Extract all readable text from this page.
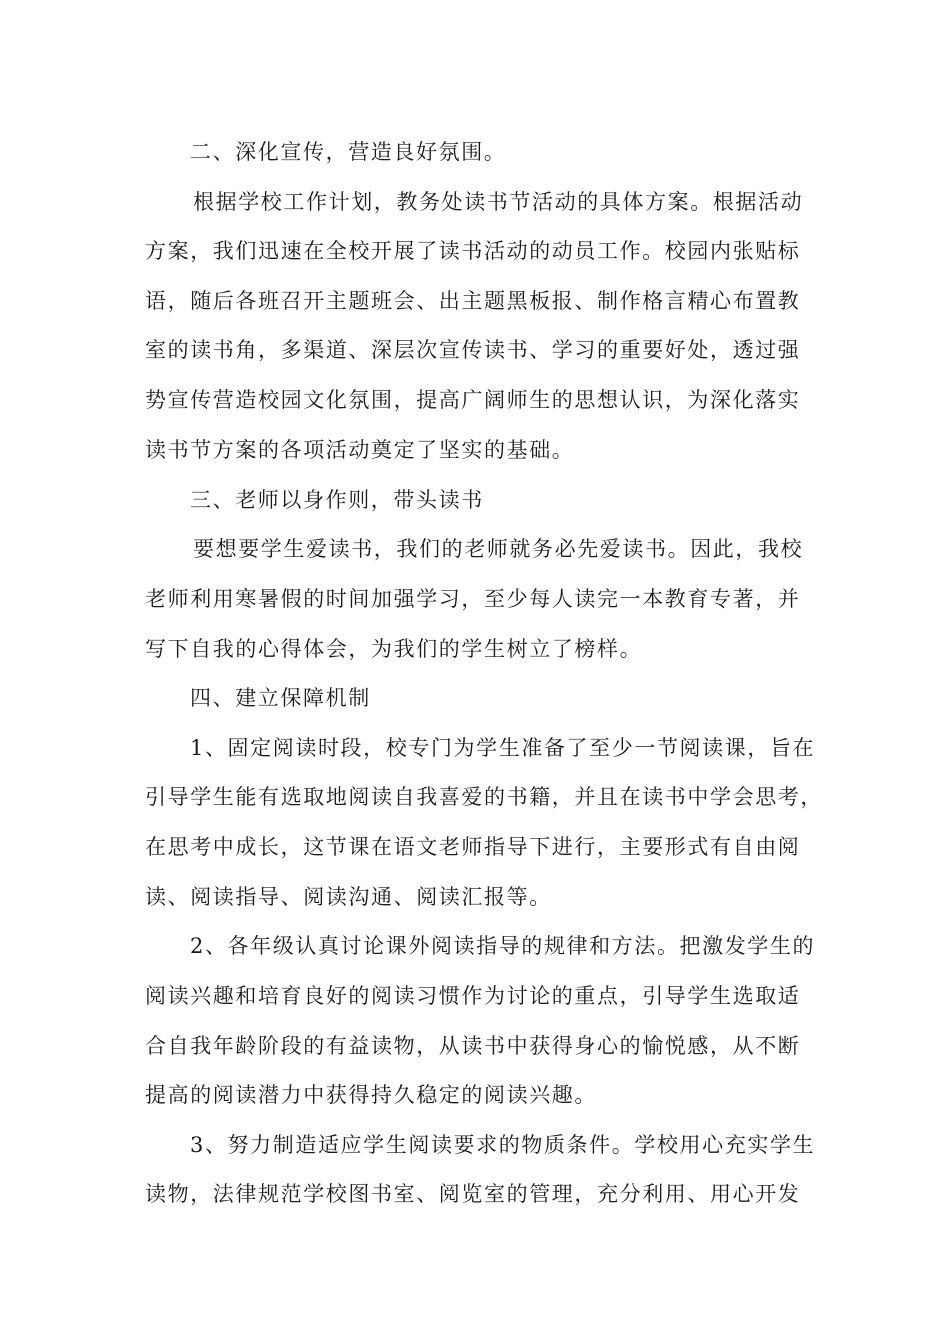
二、深化宣传，营造良好氛围。

根据学校工作计划，教务处读书节活动的具体方案。根据活动

方案，我们迅速在全校开展了读书活动的动员工作。校园内张贴标

语，随后各班召开主题班会、出主题黑板报、制作格言精心布置教

室的读书角，多渠道、深层次宣传读书、学习的重要好处，透过强

势宣传营造校园文化氛围，提高广阔师生的思想认识，为深化落实

读书节方案的各项活动奠定了坚实的基础。

三、老师以身作则，带头读书

要想要学生爱读书，我们的老师就务必先爱读书。因此，我校

老师利用寒暑假的时间加强学习，至少每人读完一本教育专著，并

写下自我的心得体会，为我们的学生树立了榜样。

四、建立保障机制

1、固定阅读时段，校专门为学生准备了至少一节阅读课，旨在

引导学生能有选取地阅读自我喜爱的书籍，并且在读书中学会思考，

在思考中成长，这节课在语文老师指导下进行，主要形式有自由阅

读、阅读指导、阅读沟通、阅读汇报等。

2、各年级认真讨论课外阅读指导的规律和方法。把激发学生的

阅读兴趣和培育良好的阅读习惯作为讨论的重点，引导学生选取适

合自我年龄阶段的有益读物，从读书中获得身心的愉悦感，从不断

提高的阅读潜力中获得持久稳定的阅读兴趣。

3、努力制造适应学生阅读要求的物质条件。学校用心充实学生

读物，法律规范学校图书室、阅览室的管理，充分利用、用心开发
